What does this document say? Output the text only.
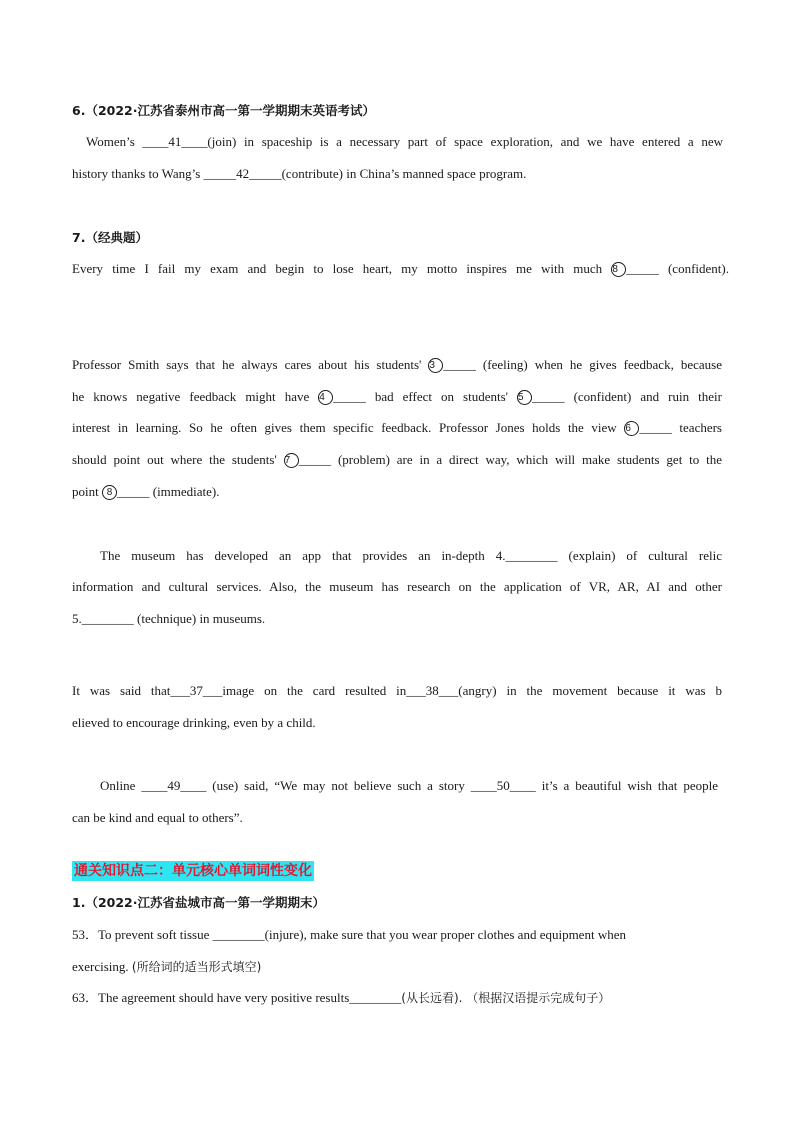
6.（2022·江苏省泰州市高一第一学期期末英语考试）

Women’s ____41____(join) in spaceship is a necessary part of space exploration, and we have entered a new

history thanks to Wang’s _____42_____(contribute) in China’s manned space program.

7.（经典题）

Every time I fail my exam and begin to lose heart, my motto inspires me with much 8 _____ (confident).

Professor Smith says that he always cares about his students' 3 _____ (feeling) when he gives feedback, because

he knows negative feedback might have 4 _____ bad effect on students' 5 _____ (confident) and ruin their

interest in learning. So he often gives them specific feedback. Professor Jones holds the view 6 _____ teachers

should point out where the students' 7 _____ (problem) are in a direct way, which will make students get to the

point 8 _____ (immediate).

The museum has developed an app that provides an in-depth 4.________ (explain) of cultural relic

information and cultural services. Also, the museum has research on the application of VR, AR, AI and other

5.________ (technique) in museums.

It was said that___37___image on the card resulted in___38___(angry) in the movement because it was b

elieved to encourage drinking, even by a child.

Online ____49____ (use) said, “We may not believe such a story ____50____ it’s a beautiful wish that people

can be kind and equal to others”.

通关知识点二：单元核心单词词性变化

1.（2022·江苏省盐城市高一第一学期期末）

53．To prevent soft tissue ________(injure), make sure that you wear proper clothes and equipment when

exercising. (所给词的适当形式填空)

63．The agreement should have very positive results________(从长远看). （根据汉语提示完成句子）
